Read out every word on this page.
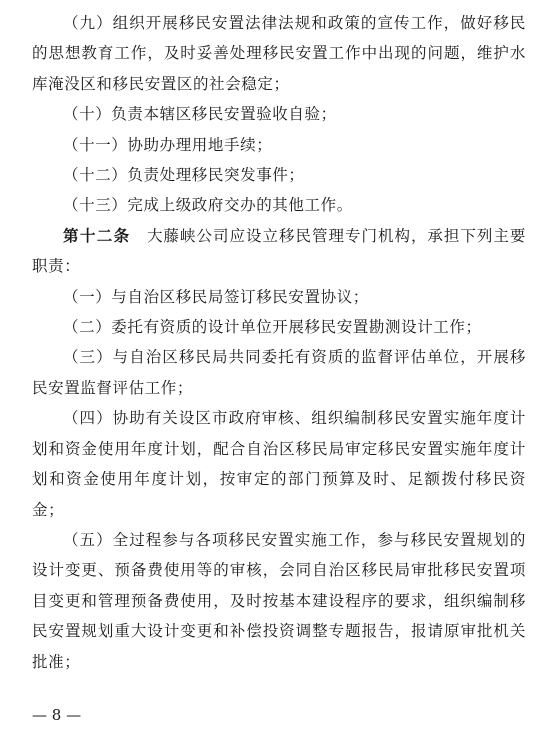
（九）组织开展移民安置法律法规和政策的宣传工作，做好移民的思想教育工作，及时妥善处理移民安置工作中出现的问题，维护水库淹没区和移民安置区的社会稳定；

（十）负责本辖区移民安置验收自验；

（十一）协助办理用地手续；

（十二）负责处理移民突发事件；

（十三）完成上级政府交办的其他工作。

第十二条　大藤峡公司应设立移民管理专门机构，承担下列主要职责：

（一）与自治区移民局签订移民安置协议；

（二）委托有资质的设计单位开展移民安置勘测设计工作；

（三）与自治区移民局共同委托有资质的监督评估单位，开展移民安置监督评估工作；

（四）协助有关设区市政府审核、组织编制移民安置实施年度计划和资金使用年度计划，配合自治区移民局审定移民安置实施年度计划和资金使用年度计划，按审定的部门预算及时、足额拨付移民资金；

（五）全过程参与各项移民安置实施工作，参与移民安置规划的设计变更、预备费使用等的审核，会同自治区移民局审批移民安置项目变更和管理预备费使用，及时按基本建设程序的要求，组织编制移民安置规划重大设计变更和补偿投资调整专题报告，报请原审批机关批准；

— 8 —
